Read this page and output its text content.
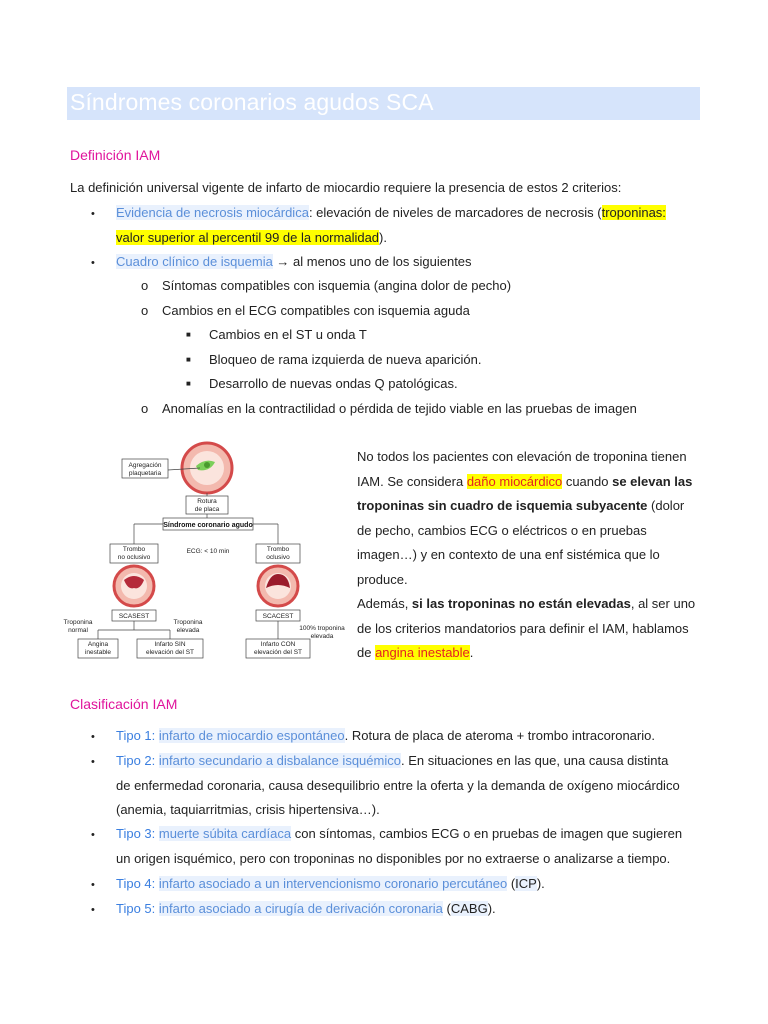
Síndromes coronarios agudos SCA
Definición IAM
La definición universal vigente de infarto de miocardio requiere la presencia de estos 2 criterios:
• Evidencia de necrosis miocárdica: elevación de niveles de marcadores de necrosis (troponinas:
valor superior al percentil 99 de la normalidad).
• Cuadro clínico de isquemia → al menos uno de los siguientes
o Síntomas compatibles con isquemia (angina dolor de pecho)
o Cambios en el ECG compatibles con isquemia aguda
■ Cambios en el ST u onda T
■ Bloqueo de rama izquierda de nueva aparición.
■ Desarrollo de nuevas ondas Q patológicas.
o Anomalías en la contractilidad o pérdida de tejido viable en las pruebas de imagen
Agregación
plaquetaria
Rotura
de placa
Síndrome coronario agudo
Trombo
no oclusivo
ECG: < 10 min	Trombo
oclusivo
SCASEST	SCACEST
Troponina
normal
Troponina
elevada	100% troponina
elevada
Angina
inestable
Infarto SIN
elevación del ST
Infarto CON
elevación del ST
No todos los pacientes con elevación de troponina tienen IAM. Se considera daño miocárdico cuando se elevan las troponinas sin cuadro de isquemia subyacente (dolor de pecho, cambios ECG o eléctricos o en pruebas imagen…) y en contexto de una enf sistémica que lo produce.
Además, si las troponinas no están elevadas, al ser uno de los criterios mandatorios para definir el IAM, hablamos de angina inestable.
Clasificación IAM
• Tipo 1: infarto de miocardio espontáneo. Rotura de placa de ateroma + trombo intracoronario.
• Tipo 2: infarto secundario a disbalance isquémico. En situaciones en las que, una causa distinta
de enfermedad coronaria, causa desequilibrio entre la oferta y la demanda de oxígeno miocárdico
(anemia, taquiarritmias, crisis hipertensiva…).
• Tipo 3: muerte súbita cardíaca con síntomas, cambios ECG o en pruebas de imagen que sugieren
un origen isquémico, pero con troponinas no disponibles por no extraerse o analizarse a tiempo.
• Tipo 4: infarto asociado a un intervencionismo coronario percutáneo (ICP).
• Tipo 5: infarto asociado a cirugía de derivación coronaria (CABG).
